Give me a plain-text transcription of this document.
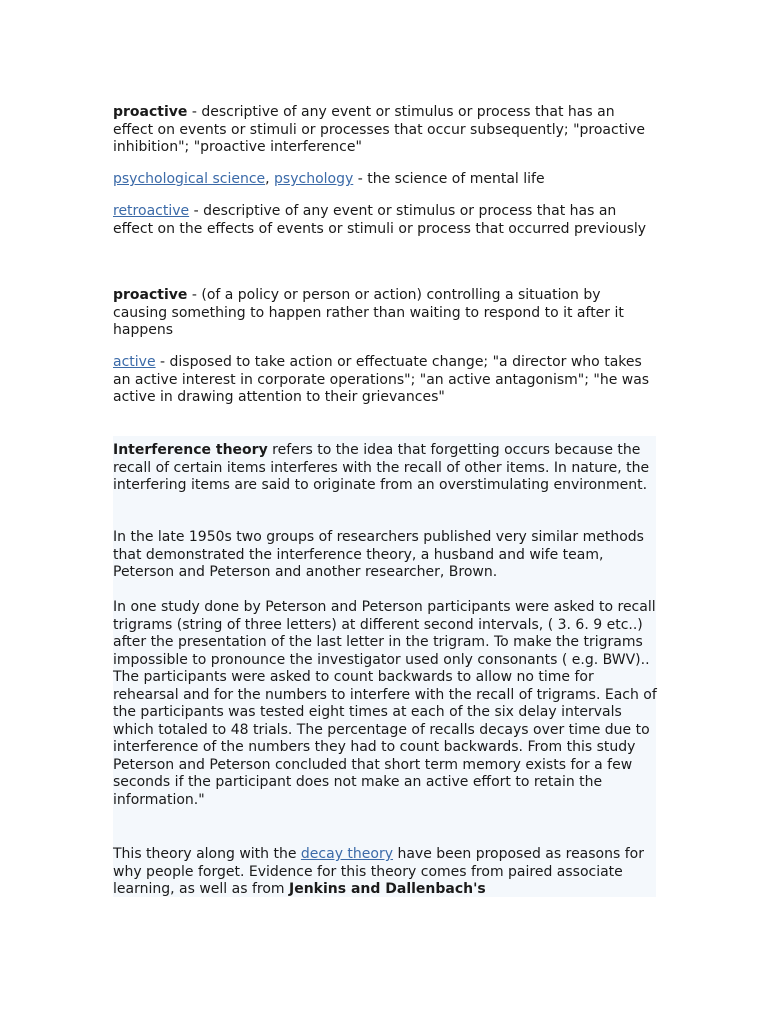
proactive - descriptive of any event or stimulus or process that has an effect on events or stimuli or processes that occur subsequently; "proactive inhibition"; "proactive interference"

psychological science, psychology - the science of mental life

retroactive - descriptive of any event or stimulus or process that has an effect on the effects of events or stimuli or process that occurred previously

proactive - (of a policy or person or action) controlling a situation by causing something to happen rather than waiting to respond to it after it happens

active - disposed to take action or effectuate change; "a director who takes an active interest in corporate operations"; "an active antagonism"; "he was active in drawing attention to their grievances"

Interference theory refers to the idea that forgetting occurs because the recall of certain items interferes with the recall of other items. In nature, the interfering items are said to originate from an overstimulating environment.

In the late 1950s two groups of researchers published very similar methods that demonstrated the interference theory, a husband and wife team, Peterson and Peterson and another researcher, Brown.

In one study done by Peterson and Peterson participants were asked to recall trigrams (string of three letters) at different second intervals, ( 3. 6. 9 etc..) after the presentation of the last letter in the trigram. To make the trigrams impossible to pronounce the investigator used only consonants ( e.g. BWV).. The participants were asked to count backwards to allow no time for rehearsal and for the numbers to interfere with the recall of trigrams. Each of the participants was tested eight times at each of the six delay intervals which totaled to 48 trials. The percentage of recalls decays over time due to interference of the numbers they had to count backwards. From this study Peterson and Peterson concluded that short term memory exists for a few seconds if the participant does not make an active effort to retain the information."

This theory along with the decay theory have been proposed as reasons for why people forget. Evidence for this theory comes from paired associate learning, as well as from Jenkins and Dallenbach's
